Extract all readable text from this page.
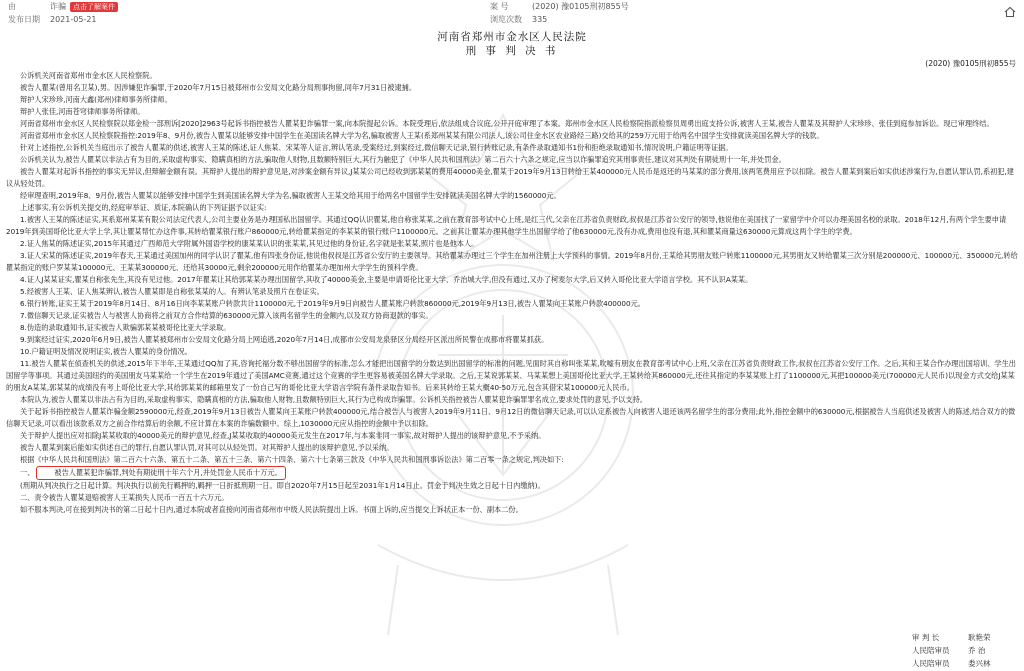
由	诈骗 点击了解案件
发布日期 2021-05-21
案 号	(2020) 豫0105刑初855号
浏览次数 335
河南省郑州市金水区人民法院
刑 事 判 决 书
(2020) 豫0105刑初855号

公诉机关河南省郑州市金水区人民检察院。

被告人瞿某(曾用名卫某),男。因涉嫌犯诈骗罪,于2020年7月15日被郑州市公安局文化路分局刑事拘留,同年7月31日被逮捕。

辩护人宋珍珍,河南大鑫(郑州)律师事务所律师。

辩护人张佳,河南苍穹律师事务所律师。

河南省郑州市金水区人民检察院以郑金检一部刑诉[2020]2963号起诉书指控被告人瞿某犯诈骗罪一案,向本院提起公诉。本院受理后,依法组成合议庭,公开开庭审理了本案。郑州市金水区人民检察院指派检察员周勇出庭支持公诉,被害人王某,被告人瞿某及其辩护人宋珍珍、张佳到庭参加诉讼。现已审理终结。

河南省郑州市金水区人民检察院指控:2019年8、9月份,被告人瞿某以能够安排中国学生在美国读名牌大学为名,骗取被害人王某(系郑州某某有限公司法人,该公司住金水区农业路经三路)交给其的259万元用于给两名中国学生安排就读美国名牌大学的钱款。

针对上述指控,公诉机关当庭出示了被告人瞿某的供述,被害人王某的陈述,证人焦某、宋某等人证言,辨认笔录,受案经过,到案经过,微信聊天记录,银行转账记录,有条件录取通知书1份和拒绝录取通知书,情况说明,户籍证明等证据。

公诉机关认为,被告人瞿某以非法占有为目的,采取虚构事实、隐瞒真相的方法,骗取他人财物,且数额特别巨大,其行为触犯了《中华人民共和国刑法》第二百六十六条之规定,应当以诈骗罪追究其刑事责任,建议对其判处有期徒刑十一年,并处罚金。

被告人瞿某对起诉书指控的事实无异议,但辩解金额有误。其辩护人提出的辩护意见是,对涉案金额有异议,J某某公司已经收到郭某某的费用40000美金,瞿某于2019年9月13日转给王某400000元人民币是返还的马某某的部分费用,该两笔费用应予以扣除。被告人瞿某到案后如实供述涉案行为,自愿认罪认罚,系初犯,建议从轻处罚。

经审理查明,2019年8、9月份,被告人瞿某以能够安排中国学生到美国读名牌大学为名,骗取被害人王某交给其用于给两名中国留学生安排就读美国名牌大学的1560000元。

上述事实,有公诉机关提交的,经庭审举证、质证,本院确认的下列证据予以证实:

1.被害人王某的陈述证实,其系郑州某某有限公司法定代表人,公司主要业务是办理国私出国留学。其通过QQ认识瞿某,他自称张某某,之前在教育部考试中心上班,是红三代,父亲在江苏省负责财政,叔叔是江苏省公安厅的领导,他说他在美国找了一家留学中介可以办理美国名校的录取。2018年12月,有两个学生要申请2019年到美国哥伦比亚大学上学,其让瞿某帮忙办这件事,其转给瞿某银行账户860000元,转给瞿某指定的李某某的银行账户1100000元。之前其让瞿某办理其他学生出国留学给了他630000元,没有办成,费用也没有退,其和瞿某商量这630000元算成这两个学生的学费。

2.证人焦某的陈述证实,2015年其通过广西师范大学附属外国语学校的康某某认识的张某某,其见过他的身份证,名字就是张某某,照片也是他本人。

3.证人宋某的陈述证实,2019年春天,王某通过美国加州的同学认识了瞿某,他有四张身份证,他说他叔叔是江苏省公安厅的主要领导。其给瞿某办理过三个学生在加州注册上大学预科的事情。2019年8月份,王某给其男朋友账户转账1100000元,其男朋友又转给瞿某三次分别是200000元、100000元、350000元,转给瞿某指定的账户罗某某100000元、王某某300000元、还给其30000元,剩余200000元用作给瞿某办理加州大学学生的预科学费。

4.证人J某某证实,瞿某自称张先生,其没有见过他。2017年瞿某让其给郭某某办理出国留学,其收了40000美金,主要是申请哥伦比亚大学、乔治城大学,但没有通过,又办了柯麦尔大学,后又转入哥伦比亚大学语言学校。其不认识A某某。

5.经被害人王某、证人焦某辨认,被告人瞿某即是自称张某某的人。有辨认笔录及照片在卷证实。

6.银行转账,证实王某于2019年8月14日、8月16日向李某某账户转款共计1100000元,于2019年9月9日向被告人瞿某账户转款860000元,2019年9月13日,被告人瞿某向王某账户转款400000元。

7.微信聊天记录,证实被告人与被害人协商将之前双方合作结算的630000元算入该两名留学生的金额内,以及双方协商退款的事实。

8.伪造的录取通知书,证实被告人欺骗郭某某被哥伦比亚大学录取。

9.到案经过证实,2020年6月9日,被告人瞿某被郑州市公安局文化路分局上网追逃,2020年7月14日,成都市公安局龙泉驿区分局经开区派出所民警在成都市将瞿某抓获。

10.户籍证明及情况说明证实,被告人瞿某的身份情况。

11.被告人瞿某在侦查机关的供述,2015年下半年,王某通过QQ加了其,咨询托福分数不够出国留学的标准,怎么才能把出国留学的分数达到出国留学的标准的问题,见面时其自称叫张某某,吹嘘有朋友在教育部考试中心上班,父亲在江苏省负责财政工作,叔叔在江苏省公安厅工作。之后,其和王某合作办理出国培训、学生出国留学等事项。其通过美国纽约的美国朋友马某某给一个学生在2019年通过了美国AMC竞赛,通过这个竞赛的学生更容易被美国名牌大学录取。之后,王某说郭某某、马某某想上美国哥伦比亚大学,王某转给其860000元,还往其指定的李某某账上打了1100000元,其把100000美元(700000元人民币)以现金方式交给J某某的朋友A某某,郭某某的成绩没有考上哥伦比亚大学,其给郭某某的邮箱里发了一份自己写的哥伦比亚大学语言学院有条件录取告知书。后来其转给王某大概40-50万元,包含其借宋某100000元人民币。

本院认为,被告人瞿某以非法占有为目的,采取虚构事实、隐瞒真相的方法,骗取他人财物,且数额特别巨大,其行为已构成诈骗罪。公诉机关指控被告人瞿某犯诈骗罪罪名成立,要求处罚的意见,予以支持。

关于起诉书指控被告人瞿某诈骗金额2590000元,经查,2019年9月13日被告人瞿某向王某账户转款400000元,结合被告人与被害人2019年9月11日、9月12日的微信聊天记录,可以认定系被告人向被害人退还该两名留学生的部分费用;此外,指控金额中的630000元,根据被告人当庭供述及被害人的陈述,结合双方的微信聊天记录,可以看出该款系双方之前合作结算后的余额,不应计算在本案的诈骗数额中。综上,1030000元应从指控的金额中予以扣除。

关于辩护人提出应对扣除J某某收取的40000美元的辩护意见,经查,J某某收取的40000美元发生在2017年,与本案非同一事实,故对辩护人提出的该辩护意见,不予采纳。

被告人瞿某到案后能如实供述自己的罪行,自愿认罪认罚,对其可以从轻处罚。对其辩护人提出的该辩护意见,予以采纳。

根据《中华人民共和国刑法》第二百六十六条、第五十二条、第五十三条、第六十四条、第六十七条第三款及《中华人民共和国刑事诉讼法》第二百零一条之规定,判决如下:

一、	被告人瞿某犯诈骗罪,判处有期徒刑十年六个月,并处罚金人民币十万元。

(刑期从判决执行之日起计算。判决执行以前先行羁押的,羁押一日折抵刑期一日。即自2020年7月15日起至2031年1月14日止。罚金于判决生效之日起十日内缴纳)。

二、责令被告人瞿某退赔被害人王某损失人民币一百五十六万元。

如不服本判决,可在接到判决书的第二日起十日内,通过本院或者直接向河南省郑州市中级人民法院提出上诉。书面上诉的,应当提交上诉状正本一份、副本二份。

审 判 长	耿艳荣
人民陪审员 乔 治
人民陪审员 娄兴林
